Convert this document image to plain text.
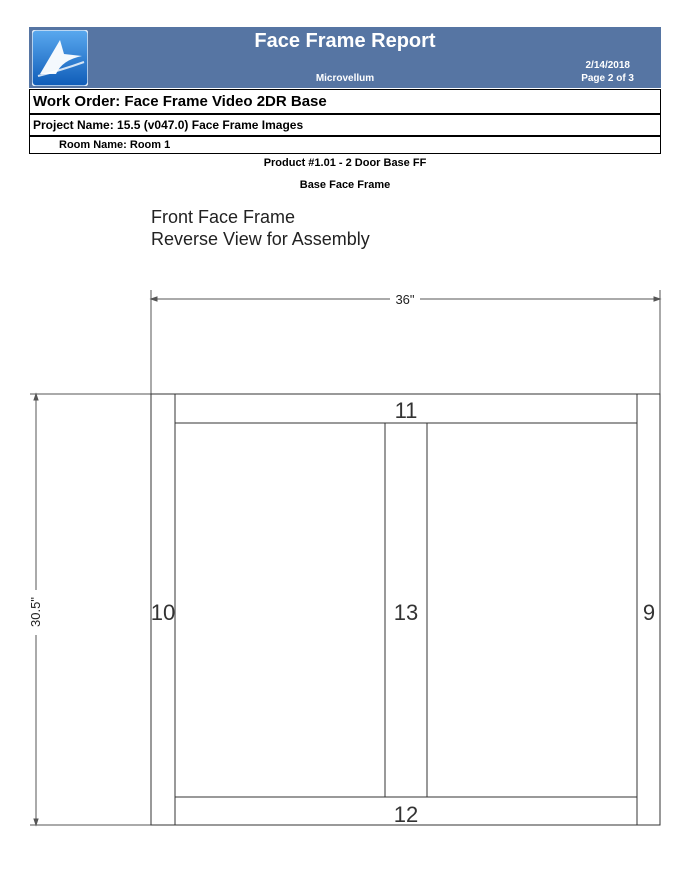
Face Frame Report
Microvellum
2/14/2018
Page 2 of 3
Work Order: Face Frame Video 2DR Base
Project Name: 15.5 (v047.0) Face Frame Images
Room Name: Room 1
Product #1.01 - 2 Door Base FF
Base Face Frame
Front Face Frame
Reverse View for Assembly
36"
30.5"
11
12
10	9
13
